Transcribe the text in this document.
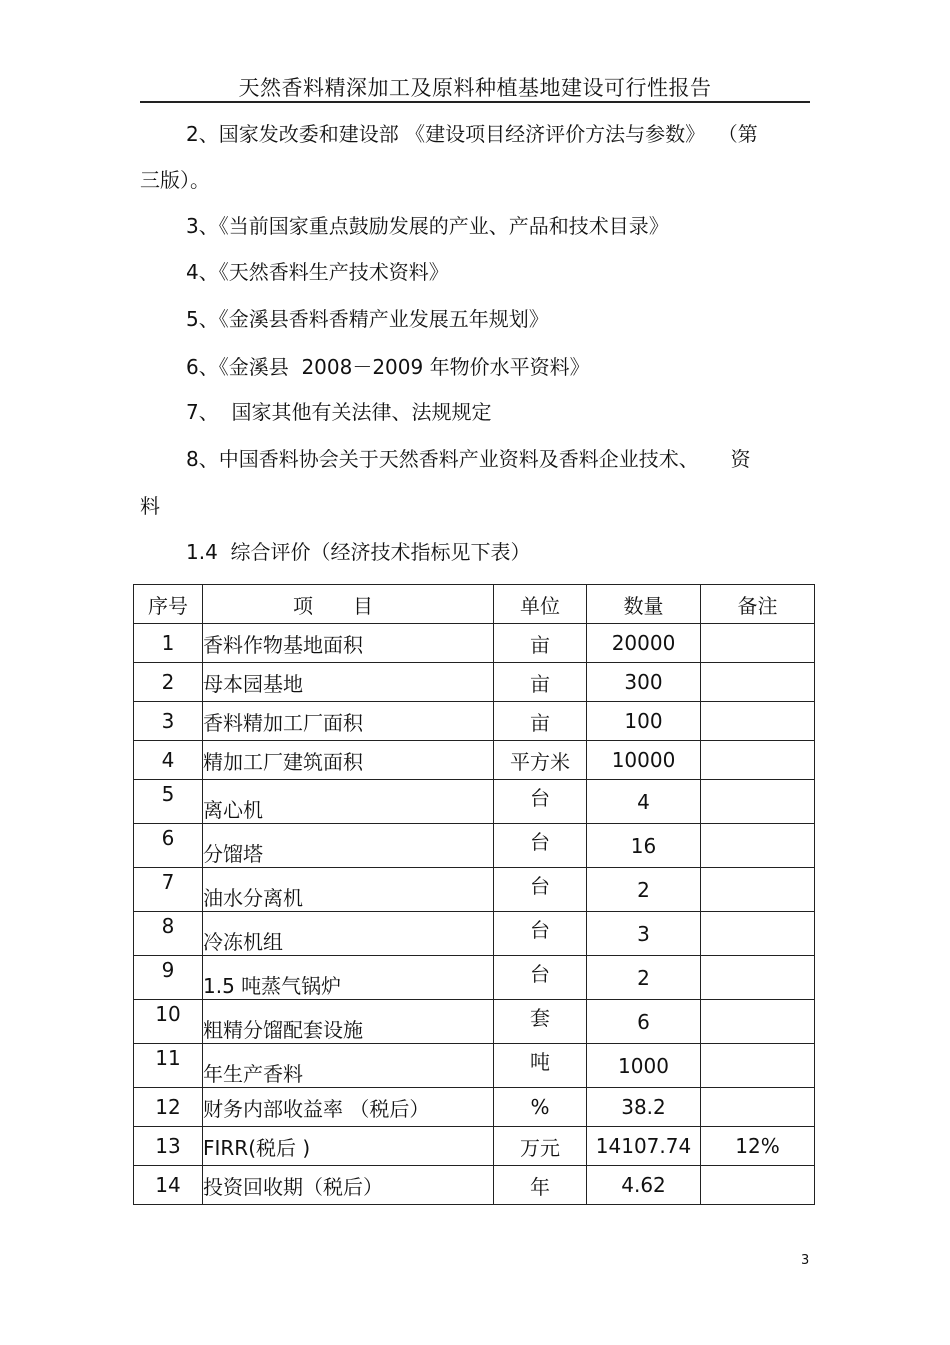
天然香料精深加工及原料种植基地建设可行性报告
2、国家发改委和建设部 《建设项目经济评价方法与参数》  （第
三版）。
3、《当前国家重点鼓励发展的产业、产品和技术目录》
4、《天然香料生产技术资料》
5、《金溪县香料香精产业发展五年规划》
6、《金溪县  2008－2009 年物价水平资料》
7、  国家其他有关法律、法规规定
8、中国香料协会关于天然香料产业资料及香料企业技术、     资
料
1.4  综合评价（经济技术指标见下表）
序号	项　　目	单位	数量	备注
1	香料作物基地面积	亩	20000	
2	母本园基地	亩	300	
3	香料精加工厂面积	亩	100	
4	精加工厂建筑面积	平方米	10000	
5	离心机	台	4	
6	分馏塔	台	16	
7	油水分离机	台	2	
8	冷冻机组	台	3	
9	1.5 吨蒸气锅炉	台	2	
10	粗精分馏配套设施	套	6	
11	年生产香料	吨	1000	
12	财务内部收益率 （税后）	%	38.2	
13	FIRR(税后 )	万元	14107.74	12%
14	投资回收期（税后）	年	4.62	
3
